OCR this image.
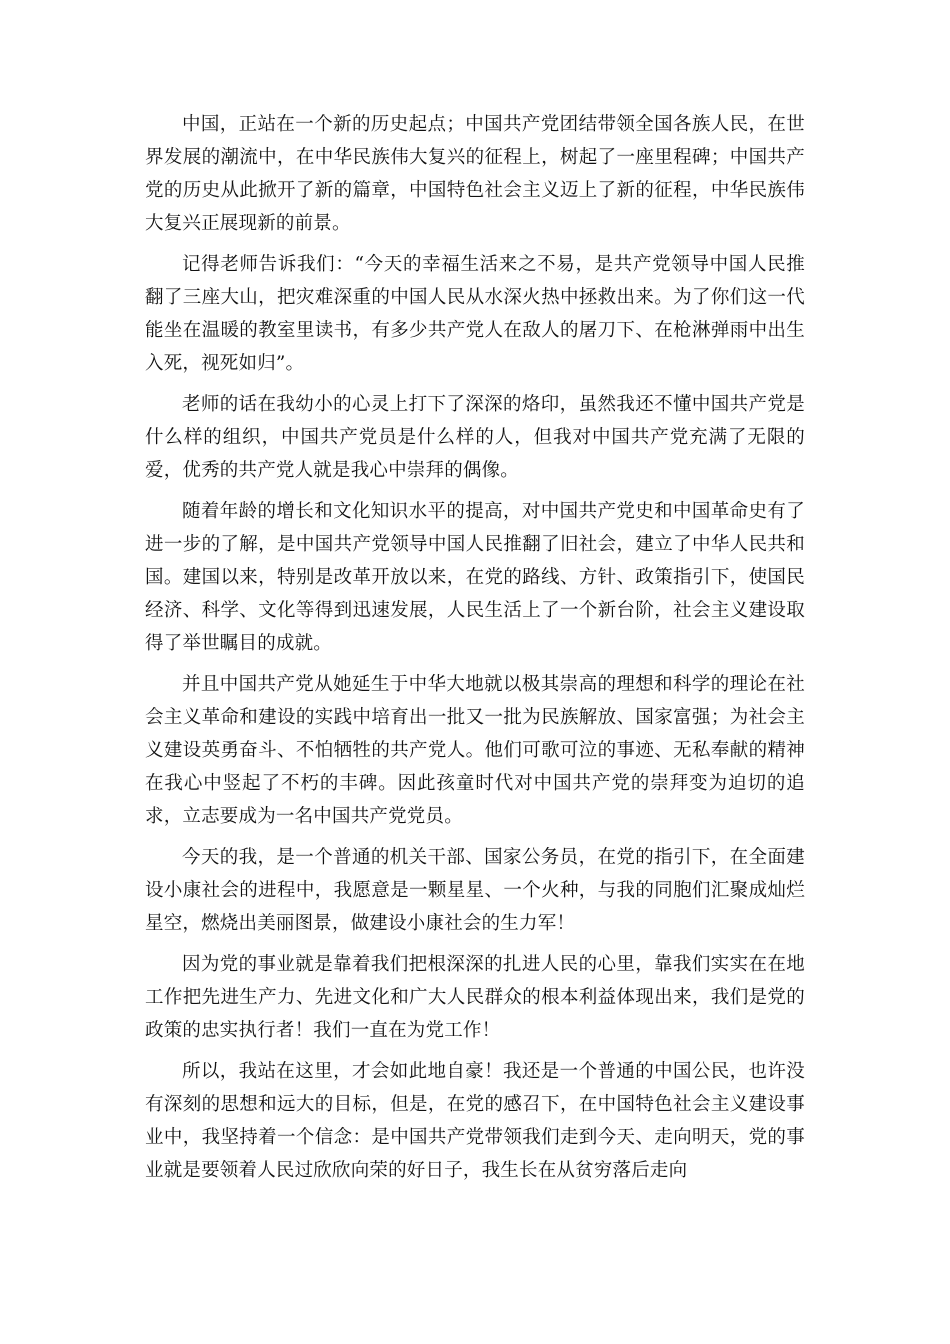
中国，正站在一个新的历史起点；中国共产党团结带领全国各族人民，在世界发展的潮流中，在中华民族伟大复兴的征程上，树起了一座里程碑；中国共产党的历史从此掀开了新的篇章，中国特色社会主义迈上了新的征程，中华民族伟大复兴正展现新的前景。

记得老师告诉我们：“今天的幸福生活来之不易，是共产党领导中国人民推翻了三座大山，把灾难深重的中国人民从水深火热中拯救出来。为了你们这一代能坐在温暖的教室里读书，有多少共产党人在敌人的屠刀下、在枪淋弹雨中出生入死，视死如归”。

老师的话在我幼小的心灵上打下了深深的烙印，虽然我还不懂中国共产党是什么样的组织，中国共产党员是什么样的人，但我对中国共产党充满了无限的爱，优秀的共产党人就是我心中崇拜的偶像。

随着年龄的增长和文化知识水平的提高，对中国共产党史和中国革命史有了进一步的了解，是中国共产党领导中国人民推翻了旧社会，建立了中华人民共和国。建国以来，特别是改革开放以来，在党的路线、方针、政策指引下，使国民经济、科学、文化等得到迅速发展，人民生活上了一个新台阶，社会主义建设取得了举世瞩目的成就。

并且中国共产党从她延生于中华大地就以极其崇高的理想和科学的理论在社会主义革命和建设的实践中培育出一批又一批为民族解放、国家富强；为社会主义建设英勇奋斗、不怕牺牲的共产党人。他们可歌可泣的事迹、无私奉献的精神在我心中竖起了不朽的丰碑。因此孩童时代对中国共产党的崇拜变为迫切的追求，立志要成为一名中国共产党党员。

今天的我，是一个普通的机关干部、国家公务员，在党的指引下，在全面建设小康社会的进程中，我愿意是一颗星星、一个火种，与我的同胞们汇聚成灿烂星空，燃烧出美丽图景，做建设小康社会的生力军！

因为党的事业就是靠着我们把根深深的扎进人民的心里，靠我们实实在在地工作把先进生产力、先进文化和广大人民群众的根本利益体现出来，我们是党的政策的忠实执行者！我们一直在为党工作！

所以，我站在这里，才会如此地自豪！我还是一个普通的中国公民，也许没有深刻的思想和远大的目标，但是，在党的感召下，在中国特色社会主义建设事业中，我坚持着一个信念：是中国共产党带领我们走到今天、走向明天，党的事业就是要领着人民过欣欣向荣的好日子，我生长在从贫穷落后走向
